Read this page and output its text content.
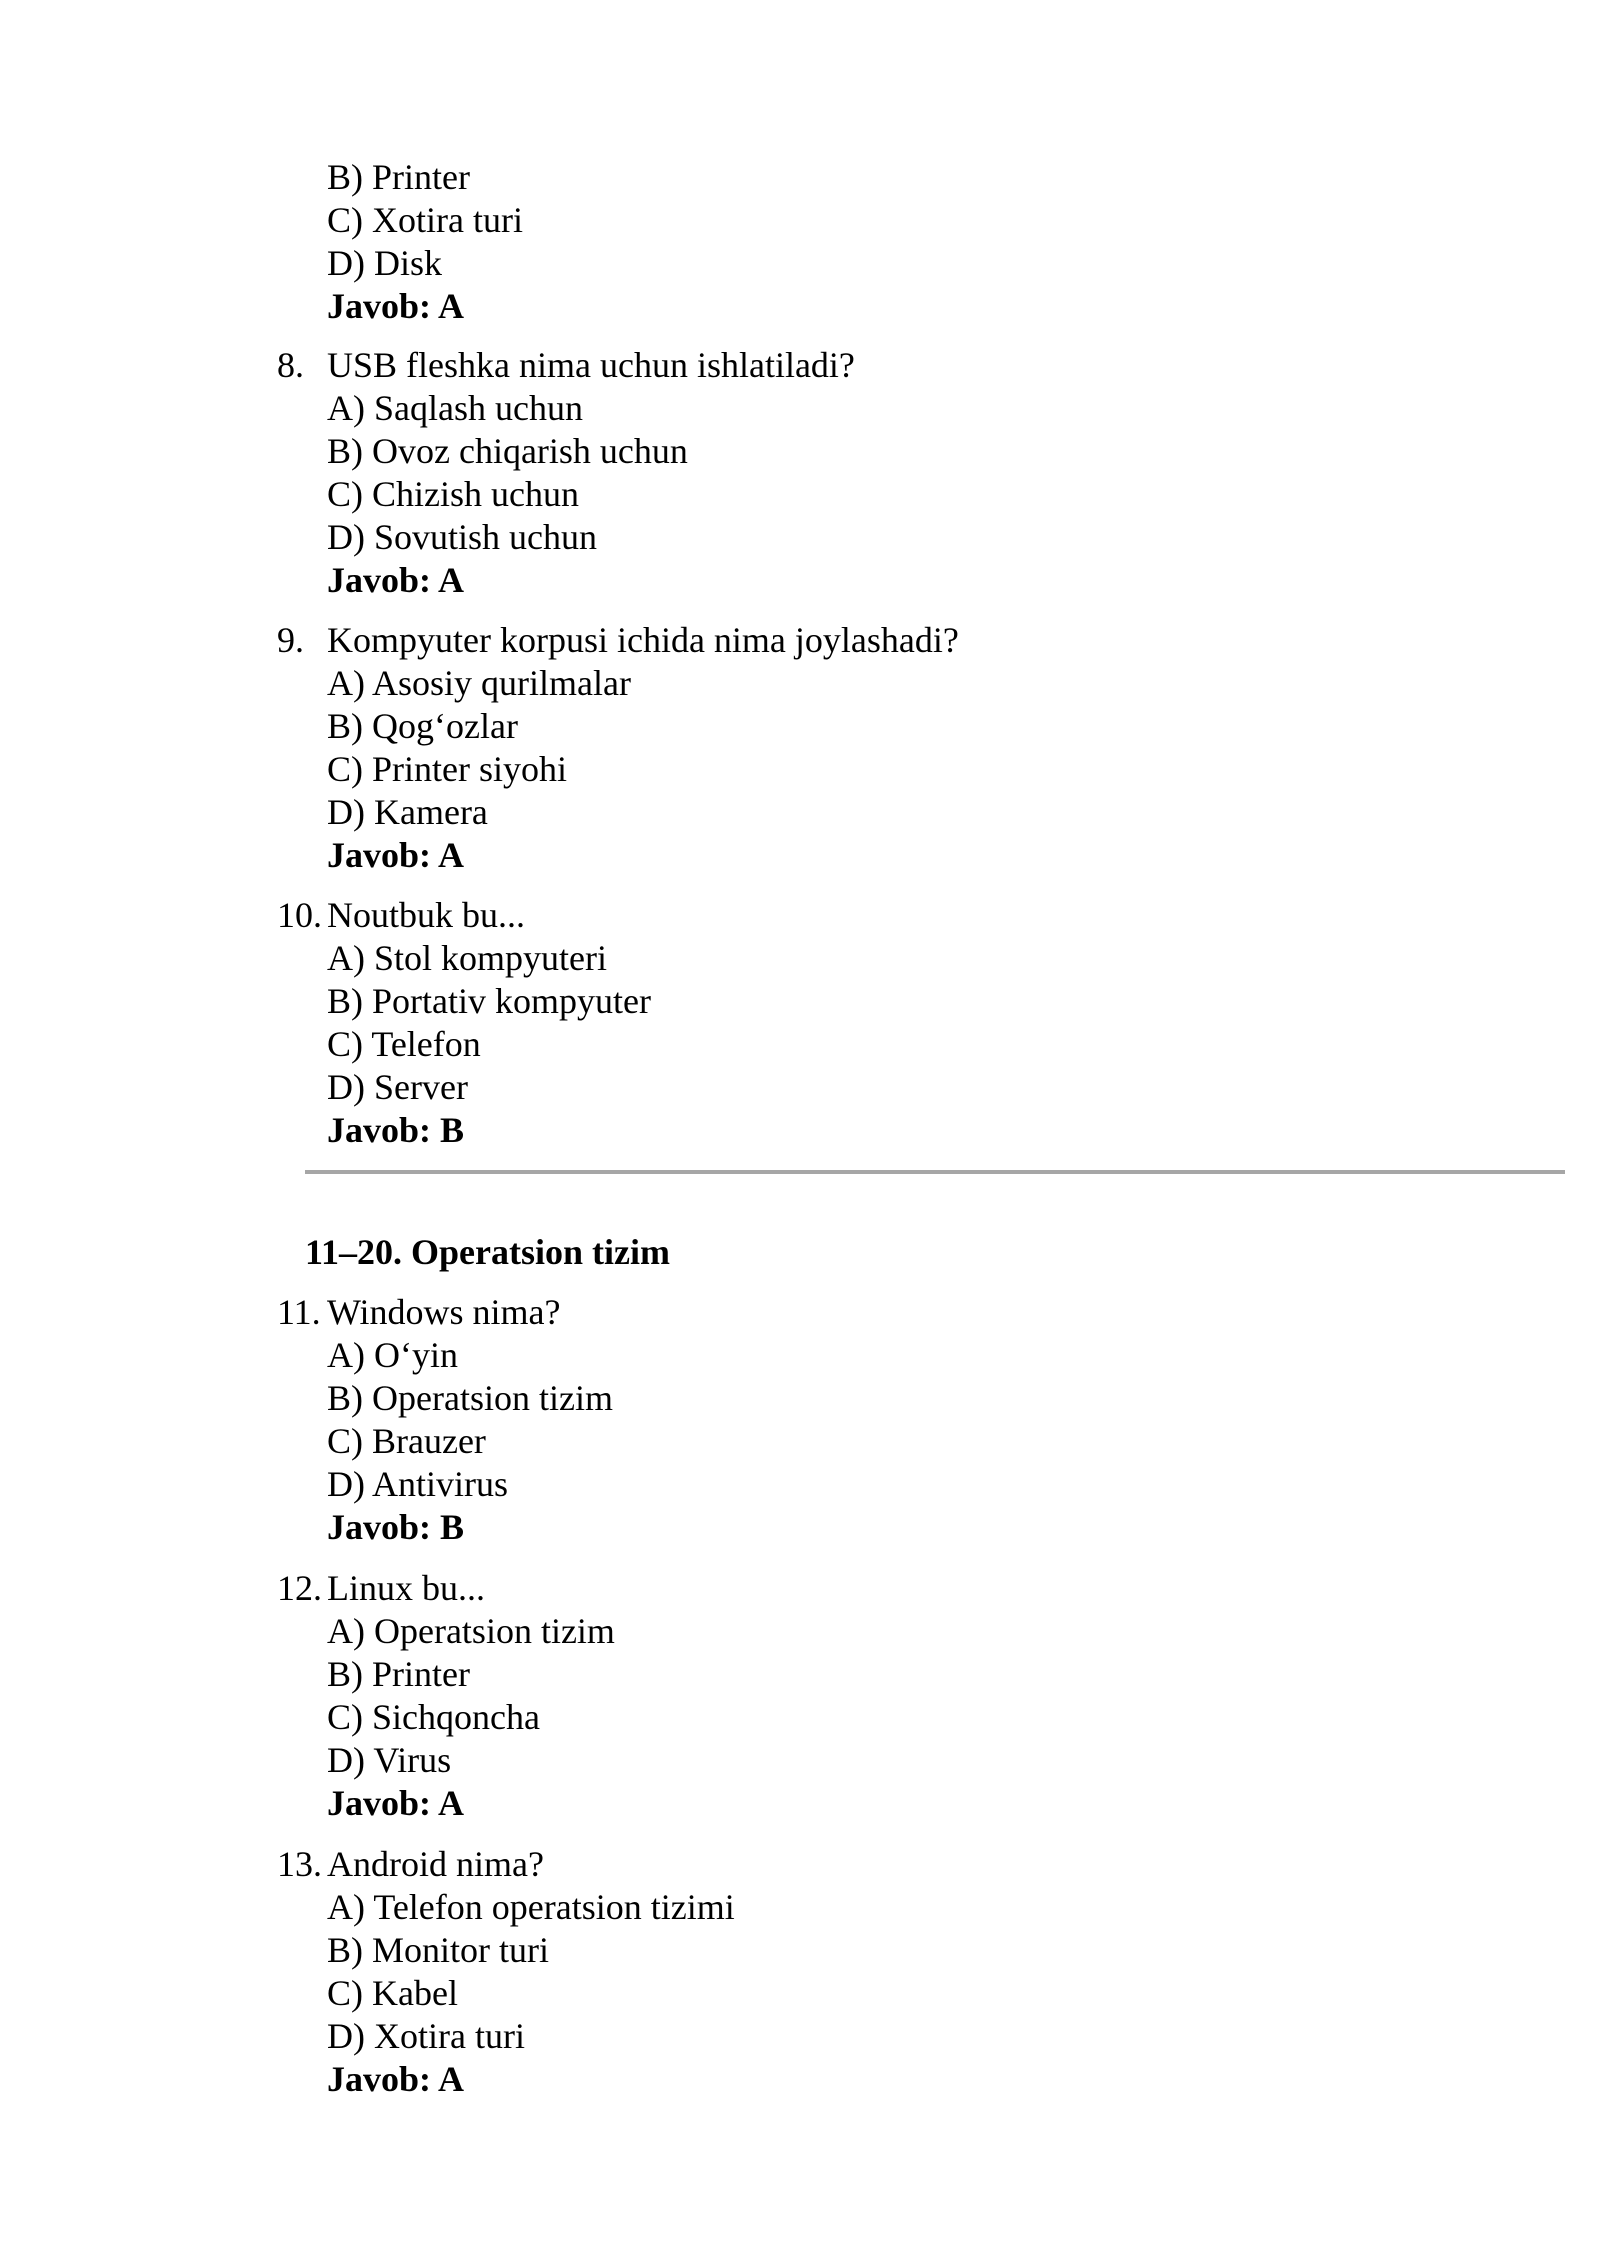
B) Printer
C) Xotira turi
D) Disk
Javob: A
8. USB fleshka nima uchun ishlatiladi?
A) Saqlash uchun
B) Ovoz chiqarish uchun
C) Chizish uchun
D) Sovutish uchun
Javob: A
9. Kompyuter korpusi ichida nima joylashadi?
A) Asosiy qurilmalar
B) Qog‘ozlar
C) Printer siyohi
D) Kamera
Javob: A
10. Noutbuk bu...
A) Stol kompyuteri
B) Portativ kompyuter
C) Telefon
D) Server
Javob: B
11–20. Operatsion tizim
11. Windows nima?
A) O‘yin
B) Operatsion tizim
C) Brauzer
D) Antivirus
Javob: B
12. Linux bu...
A) Operatsion tizim
B) Printer
C) Sichqoncha
D) Virus
Javob: A
13. Android nima?
A) Telefon operatsion tizimi
B) Monitor turi
C) Kabel
D) Xotira turi
Javob: A
